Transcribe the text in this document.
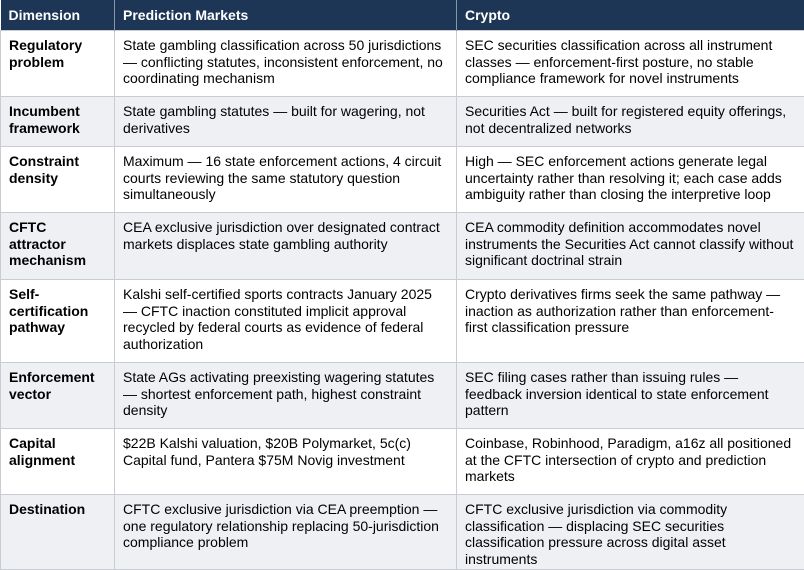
Dimension	Prediction Markets	Crypto
Regulatory problem	State gambling classification across 50 jurisdictions — conflicting statutes, inconsistent enforcement, no coordinating mechanism	SEC securities classification across all instrument classes — enforcement-first posture, no stable compliance framework for novel instruments
Incumbent framework	State gambling statutes — built for wagering, not derivatives	Securities Act — built for registered equity offerings, not decentralized networks
Constraint density	Maximum — 16 state enforcement actions, 4 circuit courts reviewing the same statutory question simultaneously	High — SEC enforcement actions generate legal uncertainty rather than resolving it; each case adds ambiguity rather than closing the interpretive loop
CFTC attractor mechanism	CEA exclusive jurisdiction over designated contract markets displaces state gambling authority	CEA commodity definition accommodates novel instruments the Securities Act cannot classify without significant doctrinal strain
Self-certification pathway	Kalshi self-certified sports contracts January 2025 — CFTC inaction constituted implicit approval recycled by federal courts as evidence of federal authorization	Crypto derivatives firms seek the same pathway — inaction as authorization rather than enforcement-first classification pressure
Enforcement vector	State AGs activating preexisting wagering statutes — shortest enforcement path, highest constraint density	SEC filing cases rather than issuing rules — feedback inversion identical to state enforcement pattern
Capital alignment	$22B Kalshi valuation, $20B Polymarket, 5c(c) Capital fund, Pantera $75M Novig investment	Coinbase, Robinhood, Paradigm, a16z all positioned at the CFTC intersection of crypto and prediction markets
Destination	CFTC exclusive jurisdiction via CEA preemption — one regulatory relationship replacing 50-jurisdiction compliance problem	CFTC exclusive jurisdiction via commodity classification — displacing SEC securities classification pressure across digital asset instruments
